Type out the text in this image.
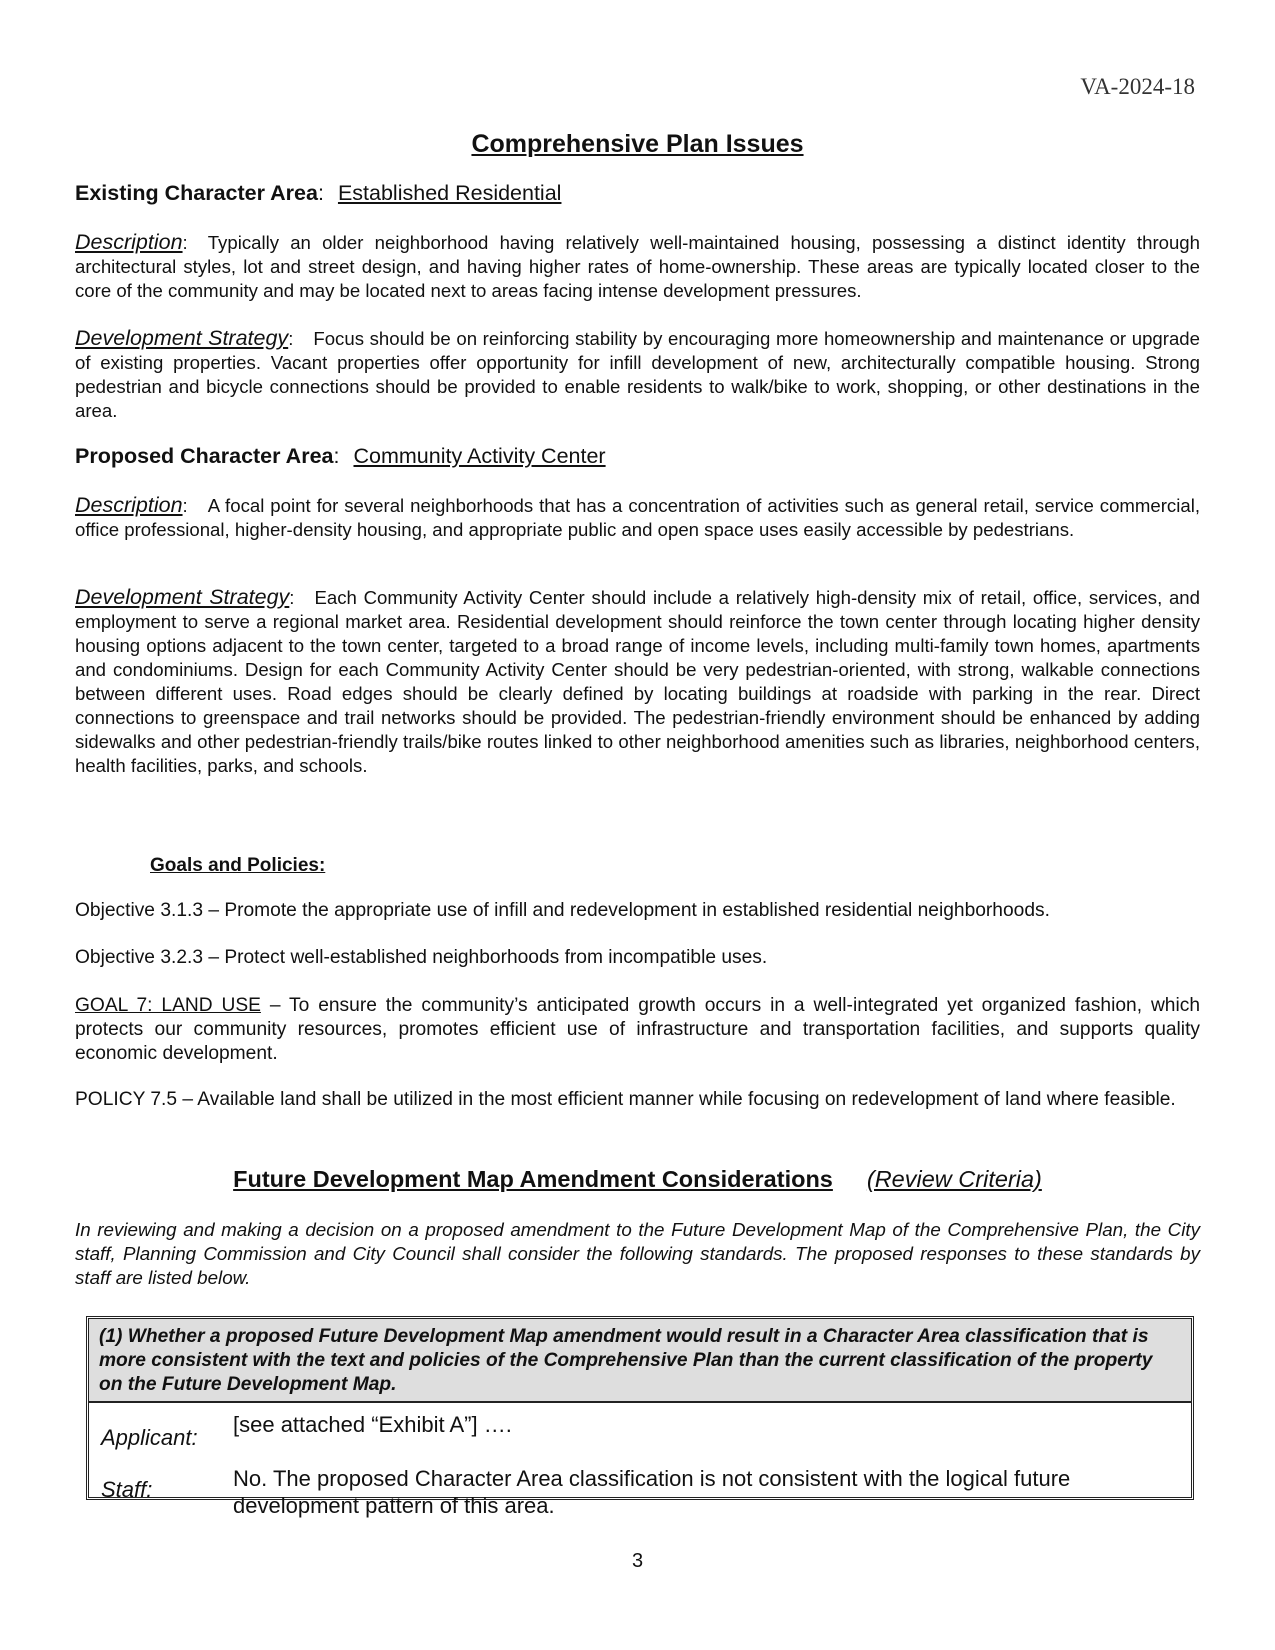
VA-2024-18
Comprehensive Plan Issues
Existing Character Area: Established Residential
Description: Typically an older neighborhood having relatively well-maintained housing, possessing a distinct identity through architectural styles, lot and street design, and having higher rates of home-ownership. These areas are typically located closer to the core of the community and may be located next to areas facing intense development pressures.
Development Strategy: Focus should be on reinforcing stability by encouraging more homeownership and maintenance or upgrade of existing properties. Vacant properties offer opportunity for infill development of new, architecturally compatible housing. Strong pedestrian and bicycle connections should be provided to enable residents to walk/bike to work, shopping, or other destinations in the area.
Proposed Character Area: Community Activity Center
Description: A focal point for several neighborhoods that has a concentration of activities such as general retail, service commercial, office professional, higher-density housing, and appropriate public and open space uses easily accessible by pedestrians.
Development Strategy: Each Community Activity Center should include a relatively high-density mix of retail, office, services, and employment to serve a regional market area. Residential development should reinforce the town center through locating higher density housing options adjacent to the town center, targeted to a broad range of income levels, including multi-family town homes, apartments and condominiums. Design for each Community Activity Center should be very pedestrian-oriented, with strong, walkable connections between different uses. Road edges should be clearly defined by locating buildings at roadside with parking in the rear. Direct connections to greenspace and trail networks should be provided. The pedestrian-friendly environment should be enhanced by adding sidewalks and other pedestrian-friendly trails/bike routes linked to other neighborhood amenities such as libraries, neighborhood centers, health facilities, parks, and schools.
Goals and Policies:
Objective 3.1.3 – Promote the appropriate use of infill and redevelopment in established residential neighborhoods.
Objective 3.2.3 – Protect well-established neighborhoods from incompatible uses.
GOAL 7: LAND USE – To ensure the community’s anticipated growth occurs in a well-integrated yet organized fashion, which protects our community resources, promotes efficient use of infrastructure and transportation facilities, and supports quality economic development.
POLICY 7.5 – Available land shall be utilized in the most efficient manner while focusing on redevelopment of land where feasible.
Future Development Map Amendment Considerations (Review Criteria)
In reviewing and making a decision on a proposed amendment to the Future Development Map of the Comprehensive Plan, the City staff, Planning Commission and City Council shall consider the following standards. The proposed responses to these standards by staff are listed below.
(1) Whether a proposed Future Development Map amendment would result in a Character Area classification that is more consistent with the text and policies of the Comprehensive Plan than the current classification of the property on the Future Development Map.
Applicant:
[see attached “Exhibit A”] ….
Staff:	No. The proposed Character Area classification is not consistent with the logical future development pattern of this area.
3
